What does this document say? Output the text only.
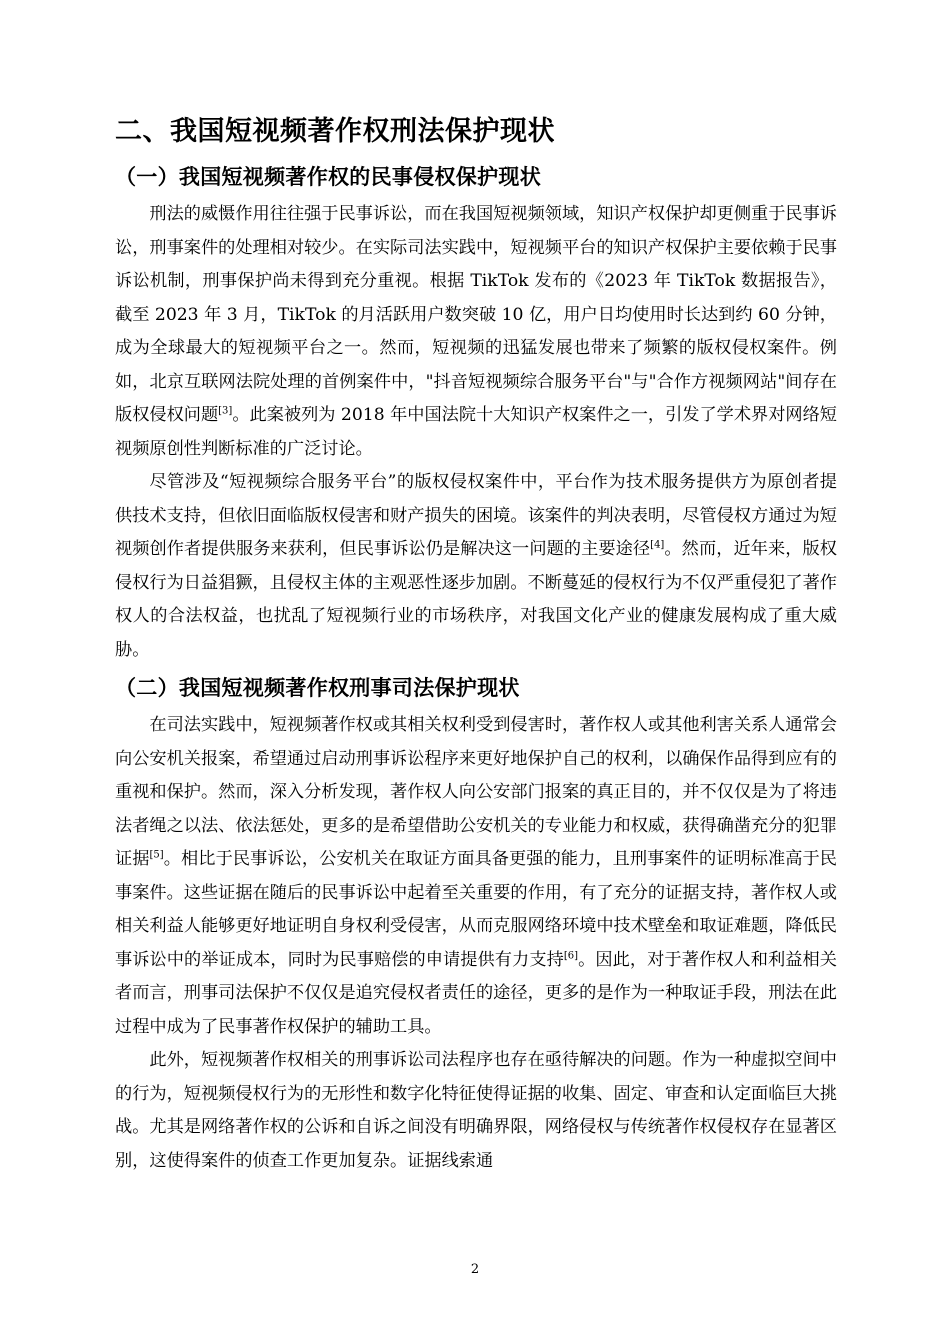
二、我国短视频著作权刑法保护现状
（一）我国短视频著作权的民事侵权保护现状

刑法的威慑作用往往强于民事诉讼，而在我国短视频领域，知识产权保护却更侧重于民事诉讼，刑事案件的处理相对较少。在实际司法实践中，短视频平台的知识产权保护主要依赖于民事诉讼机制，刑事保护尚未得到充分重视。根据 TikTok 发布的《2023 年 TikTok 数据报告》，截至 2023 年 3 月，TikTok 的月活跃用户数突破 10 亿，用户日均使用时长达到约 60 分钟，成为全球最大的短视频平台之一。然而，短视频的迅猛发展也带来了频繁的版权侵权案件。例如，北京互联网法院处理的首例案件中，"抖音短视频综合服务平台"与"合作方视频网站"间存在版权侵权问题[3]。此案被列为 2018 年中国法院十大知识产权案件之一，引发了学术界对网络短视频原创性判断标准的广泛讨论。

尽管涉及“短视频综合服务平台”的版权侵权案件中，平台作为技术服务提供方为原创者提供技术支持，但依旧面临版权侵害和财产损失的困境。该案件的判决表明，尽管侵权方通过为短视频创作者提供服务来获利，但民事诉讼仍是解决这一问题的主要途径[4]。然而，近年来，版权侵权行为日益猖獗，且侵权主体的主观恶性逐步加剧。不断蔓延的侵权行为不仅严重侵犯了著作权人的合法权益，也扰乱了短视频行业的市场秩序，对我国文化产业的健康发展构成了重大威胁。

（二）我国短视频著作权刑事司法保护现状

在司法实践中，短视频著作权或其相关权利受到侵害时，著作权人或其他利害关系人通常会向公安机关报案，希望通过启动刑事诉讼程序来更好地保护自己的权利，以确保作品得到应有的重视和保护。然而，深入分析发现，著作权人向公安部门报案的真正目的，并不仅仅是为了将违法者绳之以法、依法惩处，更多的是希望借助公安机关的专业能力和权威，获得确凿充分的犯罪证据[5]。相比于民事诉讼，公安机关在取证方面具备更强的能力，且刑事案件的证明标准高于民事案件。这些证据在随后的民事诉讼中起着至关重要的作用，有了充分的证据支持，著作权人或相关利益人能够更好地证明自身权利受侵害，从而克服网络环境中技术壁垒和取证难题，降低民事诉讼中的举证成本，同时为民事赔偿的申请提供有力支持[6]。因此，对于著作权人和利益相关者而言，刑事司法保护不仅仅是追究侵权者责任的途径，更多的是作为一种取证手段，刑法在此过程中成为了民事著作权保护的辅助工具。

此外，短视频著作权相关的刑事诉讼司法程序也存在亟待解决的问题。作为一种虚拟空间中的行为，短视频侵权行为的无形性和数字化特征使得证据的收集、固定、审查和认定面临巨大挑战。尤其是网络著作权的公诉和自诉之间没有明确界限，网络侵权与传统著作权侵权存在显著区别，这使得案件的侦查工作更加复杂。证据线索通

2
